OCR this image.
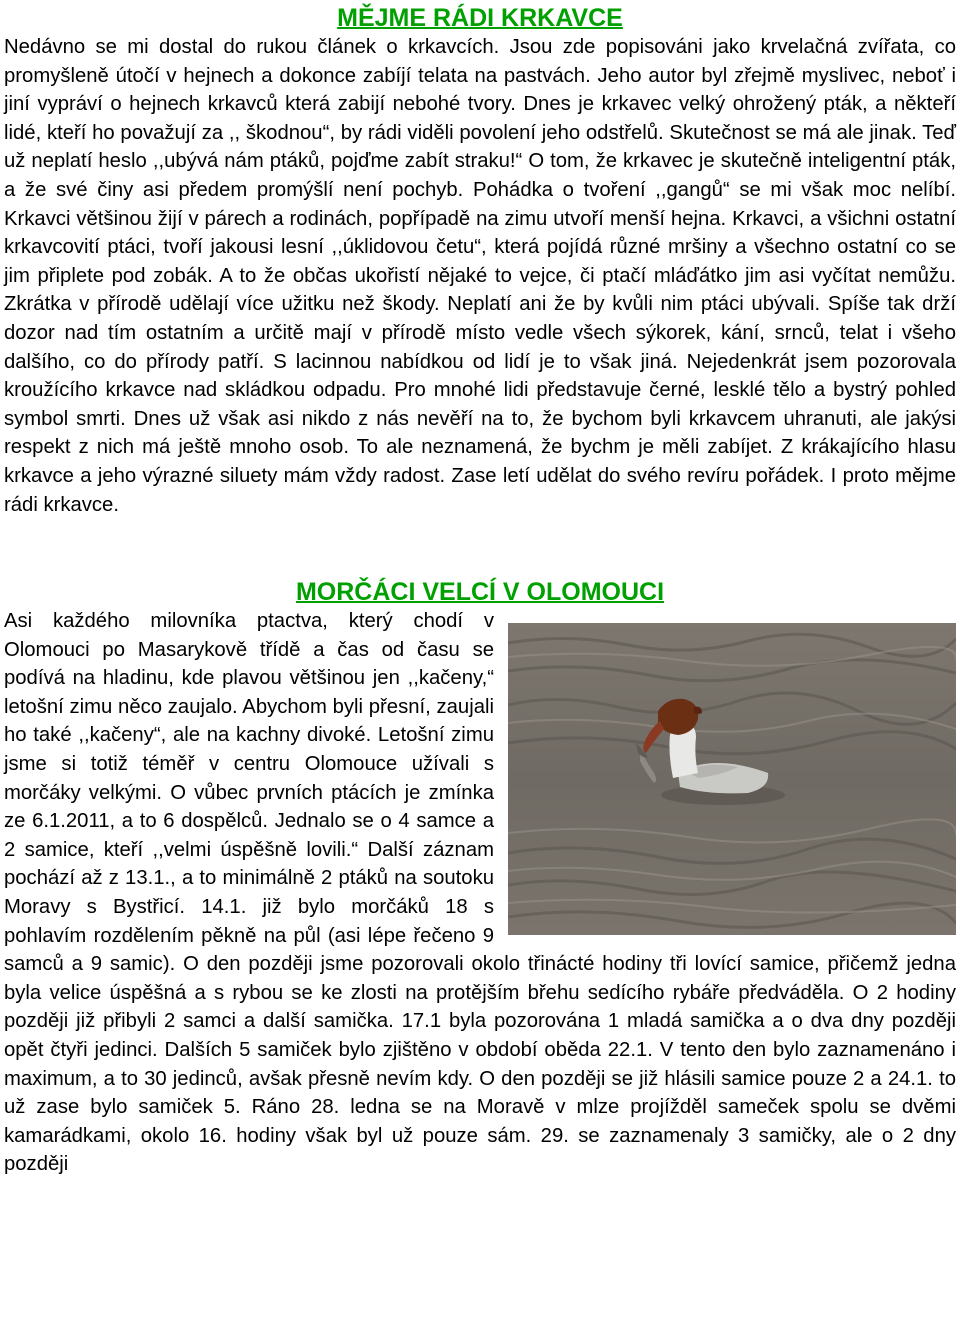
MĚJME RÁDI KRKAVCE

Nedávno se mi dostal do rukou článek o krkavcích. Jsou zde popisováni jako krvelačná zvířata, co promyšleně útočí v hejnech a dokonce zabíjí telata na pastvách. Jeho autor byl zřejmě myslivec, neboť i jiní vypráví o hejnech krkavců která zabijí nebohé tvory. Dnes je krkavec velký ohrožený pták, a někteří lidé, kteří ho považují za ,, škodnou“, by rádi viděli povolení jeho odstřelů. Skutečnost se má ale jinak. Teď už neplatí heslo ,,ubývá nám ptáků, pojďme zabít straku!“ O tom, že krkavec je skutečně inteligentní pták, a že své činy asi předem promýšlí není pochyb. Pohádka o tvoření ,,gangů“ se mi však moc nelíbí. Krkavci většinou žijí v párech a rodinách, popřípadě na zimu utvoří menší hejna. Krkavci, a všichni ostatní krkavcovití ptáci, tvoří jakousi lesní ,,úklidovou četu“, která pojídá různé mršiny a všechno ostatní co se jim připlete pod zobák. A to že občas ukořistí nějaké to vejce, či ptačí mláďátko jim asi vyčítat nemůžu. Zkrátka v přírodě udělají více užitku než škody. Neplatí ani že by kvůli nim ptáci ubývali. Spíše tak drží dozor nad tím ostatním a určitě mají v přírodě místo vedle všech sýkorek, kání, srnců, telat i všeho dalšího, co do přírody patří. S lacinnou nabídkou od lidí je to však jiná. Nejedenkrát jsem pozorovala kroužícího krkavce nad skládkou odpadu. Pro mnohé lidi představuje černé, lesklé tělo a bystrý pohled symbol smrti. Dnes už však asi nikdo z nás nevěří na to, že bychom byli krkavcem uhranuti, ale jakýsi respekt z nich má ještě mnoho osob. To ale neznamená, že bychm je měli zabíjet. Z krákajícího hlasu krkavce a jeho výrazné siluety mám vždy radost. Zase letí udělat do svého revíru pořádek. I proto mějme rádi krkavce.

MORČÁCI VELCÍ V OLOMOUCI

Asi každého milovníka ptactva, který chodí v Olomouci po Masarykově třídě a čas od času se podívá na hladinu, kde plavou většinou jen ,,kačeny,“ letošní zimu něco zaujalo. Abychom byli přesní, zaujali ho také ,,kačeny“, ale na kachny divoké. Letošní zimu jsme si totiž téměř v centru Olomouce užívali s morčáky velkými. O vůbec prvních ptácích je zmínka ze 6.1.2011, a to 6 dospělců. Jednalo se o 4 samce a 2 samice, kteří ,,velmi úspěšně lovili.“ Další záznam pochází až z 13.1., a to minimálně 2 ptáků na soutoku Moravy s Bystřicí. 14.1. již bylo morčáků 18 s pohlavím rozdělením pěkně na půl (asi lépe řečeno 9 samců a 9 samic). O den později jsme pozorovali okolo třinácté hodiny tři lovící samice, přičemž jedna byla velice úspěšná a s rybou se ke zlosti na protějším břehu sedícího rybáře předváděla. O 2 hodiny později již přibyli 2 samci a další samička. 17.1 byla pozorována 1 mladá samička a o dva dny později opět čtyři jedinci. Dalších 5 samiček bylo zjištěno v období oběda 22.1. V tento den bylo zaznamenáno i maximum, a to 30 jedinců, avšak přesně nevím kdy. O den později se již hlásili samice pouze 2 a 24.1. to už zase bylo samiček 5. Ráno 28. ledna se na Moravě v mlze projížděl sameček spolu se dvěmi kamarádkami, okolo 16. hodiny však byl už pouze sám. 29. se zaznamenaly 3 samičky, ale o 2 dny později
